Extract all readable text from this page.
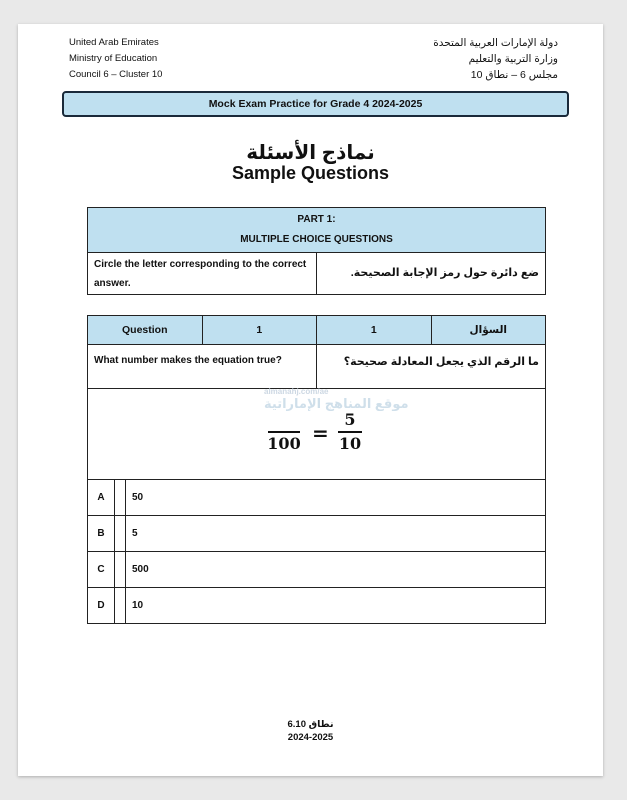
United Arab Emirates
Ministry of Education
Council 6 – Cluster 10
دولة الإمارات العربية المتحدة
وزارة التربية والتعليم
مجلس 6 – نطاق 10
Mock Exam Practice for Grade 4 2024-2025
نماذج الأسئلة
Sample Questions
PART 1:
MULTIPLE CHOICE QUESTIONS
Circle the letter corresponding to the correct answer.
ضع دائرة حول رمز الإجابة الصحيحة.
Question	1	1	السؤال
What number makes the equation true?	ما الرقم الذي يجعل المعادلة صحيحة؟
almanahj.com/ae
موقع المناهج الإماراتية
100 =
5
10
A	50
B	5
C	500
D	10
نطاق 6.10
2024-2025
